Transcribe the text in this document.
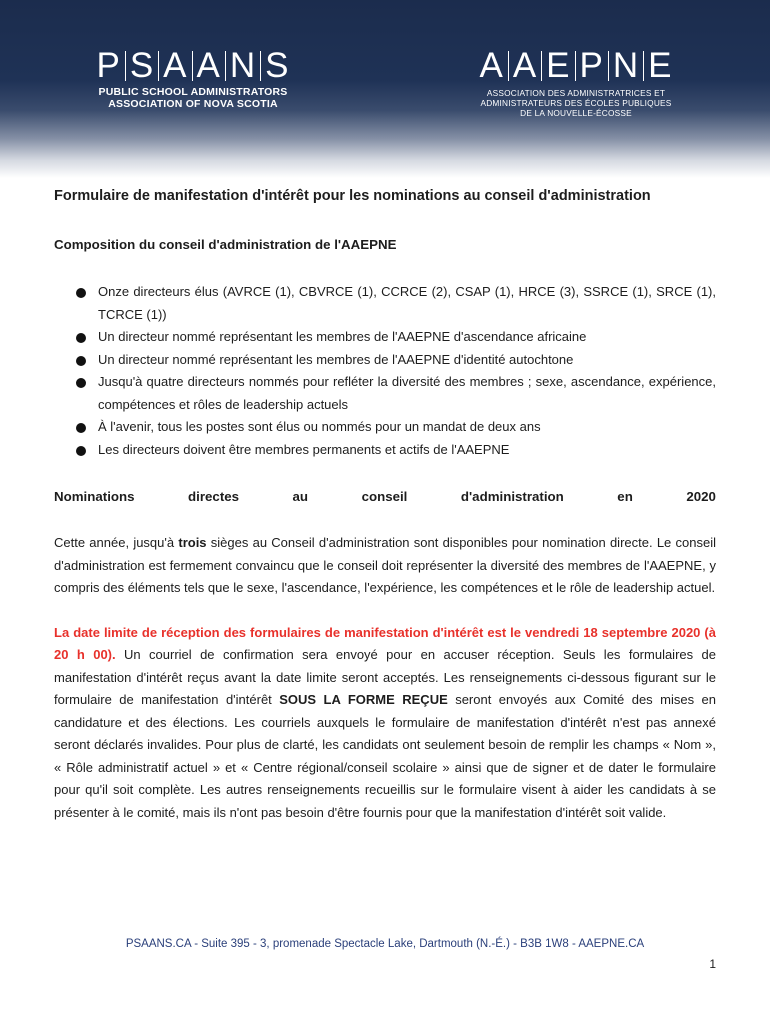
P S A A N S
PUBLIC SCHOOL ADMINISTRATORS
ASSOCIATION OF NOVA SCOTIA
A A E P N E
ASSOCIATION DES ADMINISTRATRICES ET
ADMINISTRATEURS DES ÉCOLES PUBLIQUES
DE LA NOUVELLE-ÉCOSSE
Formulaire de manifestation d'intérêt pour les nominations au conseil d'administration
Composition du conseil d'administration de l'AAEPNE
Onze directeurs élus (AVRCE (1), CBVRCE (1), CCRCE (2), CSAP (1), HRCE (3), SSRCE (1), SRCE (1), TCRCE (1))
Un directeur nommé représentant les membres de l'AAEPNE d'ascendance africaine
Un directeur nommé représentant les membres de l'AAEPNE d'identité autochtone
Jusqu'à quatre directeurs nommés pour refléter la diversité des membres ; sexe, ascendance, expérience, compétences et rôles de leadership actuels
À l'avenir, tous les postes sont élus ou nommés pour un mandat de deux ans
Les directeurs doivent être membres permanents et actifs de l'AAEPNE
Nominations	directes	au	conseil	d'administration	en	2020

Cette année, jusqu'à trois sièges au Conseil d'administration sont disponibles pour nomination directe. Le conseil d'administration est fermement convaincu que le conseil doit représenter la diversité des membres de l'AAEPNE, y compris des éléments tels que le sexe, l'ascendance, l'expérience, les compétences et le rôle de leadership actuel.

La date limite de réception des formulaires de manifestation d'intérêt est le vendredi 18 septembre 2020 (à 20 h 00). Un courriel de confirmation sera envoyé pour en accuser réception. Seuls les formulaires de manifestation d'intérêt reçus avant la date limite seront acceptés. Les renseignements ci-dessous figurant sur le formulaire de manifestation d'intérêt SOUS LA FORME REÇUE seront envoyés aux Comité des mises en candidature et des élections. Les courriels auxquels le formulaire de manifestation d'intérêt n'est pas annexé seront déclarés invalides. Pour plus de clarté, les candidats ont seulement besoin de remplir les champs « Nom », « Rôle administratif actuel » et « Centre régional/conseil scolaire » ainsi que de signer et de dater le formulaire pour qu'il soit complète. Les autres renseignements recueillis sur le formulaire visent à aider les candidats à se présenter à le comité, mais ils n'ont pas besoin d'être fournis pour que la manifestation d'intérêt soit valide.

PSAANS.CA - Suite 395 - 3, promenade Spectacle Lake, Dartmouth (N.-É.) - B3B 1W8 - AAEPNE.CA
1
